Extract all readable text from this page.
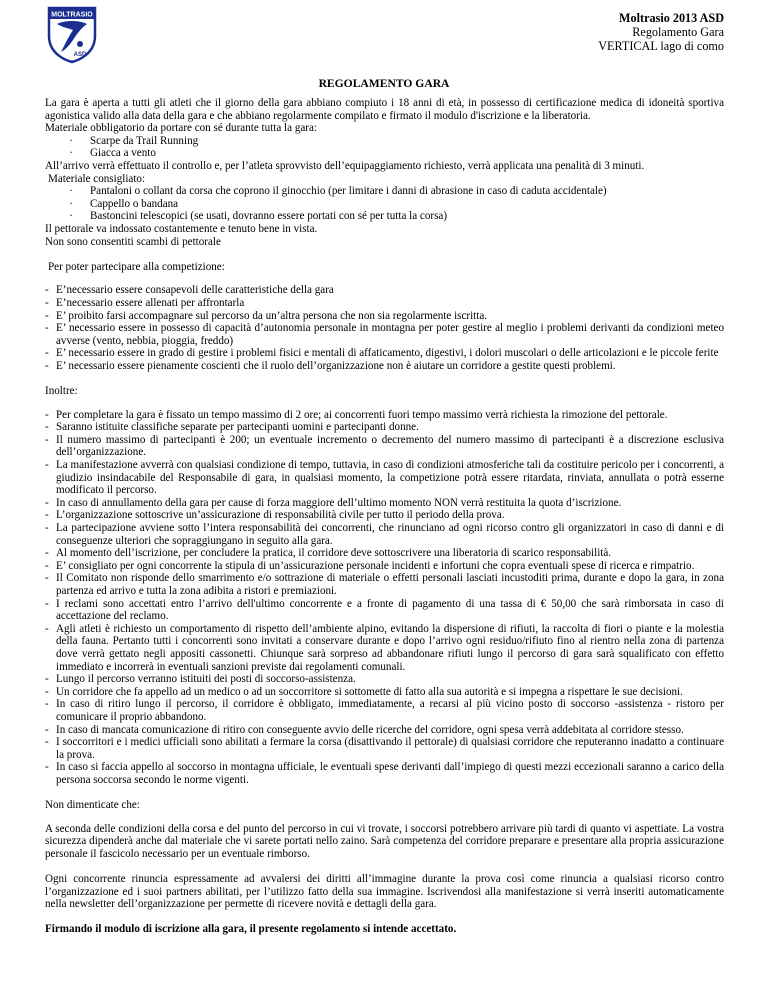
MOLTRASIO
ASD
Moltrasio 2013 ASD
Regolamento Gara
VERTICAL lago di como
REGOLAMENTO GARA

La gara è aperta a tutti gli atleti che il giorno della gara abbiano compiuto i 18 anni di età, in possesso di certificazione medica di idoneità sportiva agonistica valido alla data della gara e che abbiano regolarmente compilato e firmato il modulo d'iscrizione e la liberatoria.

Materiale obbligatorio da portare con sé durante tutta la gara:

·	Scarpe da Trail Running
·	Giacca a vento

All’arrivo verrà effettuato il controllo e, per l’atleta sprovvisto dell’equipaggiamento richiesto, verrà applicata una penalità di 3 minuti.

Materiale consigliato:

·	Pantaloni o collant da corsa che coprono il ginocchio (per limitare i danni di abrasione in caso di caduta accidentale)
·	Cappello o bandana
·	Bastoncini telescopici (se usati, dovranno essere portati con sé per tutta la corsa)

Il pettorale va indossato costantemente e tenuto bene in vista.

Non sono consentiti scambi di pettorale

Per poter partecipare alla competizione:

- E’necessario essere consapevoli delle caratteristiche della gara
- E’necessario essere allenati per affrontarla
- E’ proibito farsi accompagnare sul percorso da un’altra persona che non sia regolarmente iscritta.
- E’ necessario essere in possesso di capacità d’autonomia personale in montagna per poter gestire al meglio i problemi derivanti da condizioni meteo avverse (vento, nebbia, pioggia, freddo)
- E’ necessario essere in grado di gestire i problemi fisici e mentali di affaticamento, digestivi, i dolori muscolari o delle articolazioni e le piccole ferite
- E’ necessario essere pienamente coscienti che il ruolo dell’organizzazione non è aiutare un corridore a gestite questi problemi.

Inoltre:

- Per completare la gara è fissato un tempo massimo di 2 ore; ai concorrenti fuori tempo massimo verrà richiesta la rimozione del pettorale.
- Saranno istituite classifiche separate per partecipanti uomini e partecipanti donne.
- Il numero massimo di partecipanti è 200; un eventuale incremento o decremento del numero massimo di partecipanti è a discrezione esclusiva dell’organizzazione.
- La manifestazione avverrà con qualsiasi condizione di tempo, tuttavia, in caso di condizioni atmosferiche tali da costituire pericolo per i concorrenti, a giudizio insindacabile del Responsabile di gara, in qualsiasi momento, la competizione potrà essere ritardata, rinviata, annullata o potrà esserne modificato il percorso.
- In caso di annullamento della gara per cause di forza maggiore dell’ultimo momento NON verrà restituita la quota d’iscrizione.
- L’organizzazione sottoscrive un’assicurazione di responsabilità civile per tutto il periodo della prova.
- La partecipazione avviene sotto l’intera responsabilità dei concorrenti, che rinunciano ad ogni ricorso contro gli organizzatori in caso di danni e di conseguenze ulteriori che sopraggiungano in seguito alla gara.
- Al momento dell’iscrizione, per concludere la pratica, il corridore deve sottoscrivere una liberatoria di scarico responsabilità.
- E’ consigliato per ogni concorrente la stipula di un’assicurazione personale incidenti e infortuni che copra eventuali spese di ricerca e rimpatrio.
- Il Comitato non risponde dello smarrimento e/o sottrazione di materiale o effetti personali lasciati incustoditi prima, durante e dopo la gara, in zona partenza ed arrivo e tutta la zona adibita a ristori e premiazioni.
- I reclami sono accettati entro l’arrivo dell'ultimo concorrente e a fronte di pagamento di una tassa di € 50,00 che sarà rimborsata in caso di accettazione del reclamo.
- Agli atleti è richiesto un comportamento di rispetto dell’ambiente alpino, evitando la dispersione di rifiuti, la raccolta di fiori o piante e la molestia della fauna. Pertanto tutti i concorrenti sono invitati a conservare durante e dopo l’arrivo ogni residuo/rifiuto fino al rientro nella zona di partenza dove verrà gettato negli appositi cassonetti. Chiunque sarà sorpreso ad abbandonare rifiuti lungo il percorso di gara sarà squalificato con effetto immediato e incorrerà in eventuali sanzioni previste dai regolamenti comunali.
- Lungo il percorso verranno istituiti dei posti di soccorso-assistenza.
- Un corridore che fa appello ad un medico o ad un soccorritore si sottomette di fatto alla sua autorità e si impegna a rispettare le sue decisioni.
- In caso di ritiro lungo il percorso, il corridore è obbligato, immediatamente, a recarsi al più vicino posto di soccorso -assistenza - ristoro per comunicare il proprio abbandono.
- In caso di mancata comunicazione di ritiro con conseguente avvio delle ricerche del corridore, ogni spesa verrà addebitata al corridore stesso.
- I soccorritori e i medici ufficiali sono abilitati a fermare la corsa (disattivando il pettorale) di qualsiasi corridore che reputeranno inadatto a continuare la prova.
- In caso si faccia appello al soccorso in montagna ufficiale, le eventuali spese derivanti dall’impiego di questi mezzi eccezionali saranno a carico della persona soccorsa secondo le norme vigenti.

Non dimenticate che:

A seconda delle condizioni della corsa e del punto del percorso in cui vi trovate, i soccorsi potrebbero arrivare più tardi di quanto vi aspettiate. La vostra sicurezza dipenderà anche dal materiale che vi sarete portati nello zaino. Sarà competenza del corridore preparare e presentare alla propria assicurazione personale il fascicolo necessario per un eventuale rimborso.

Ogni concorrente rinuncia espressamente ad avvalersi dei diritti all’immagine durante la prova così come rinuncia a qualsiasi ricorso contro l’organizzazione ed i suoi partners abilitati, per l’utilizzo fatto della sua immagine. Iscrivendosi alla manifestazione si verrà inseriti automaticamente nella newsletter dell’organizzazione per permette di ricevere novità e dettagli della gara.

Firmando il modulo di iscrizione alla gara, il presente regolamento si intende accettato.
